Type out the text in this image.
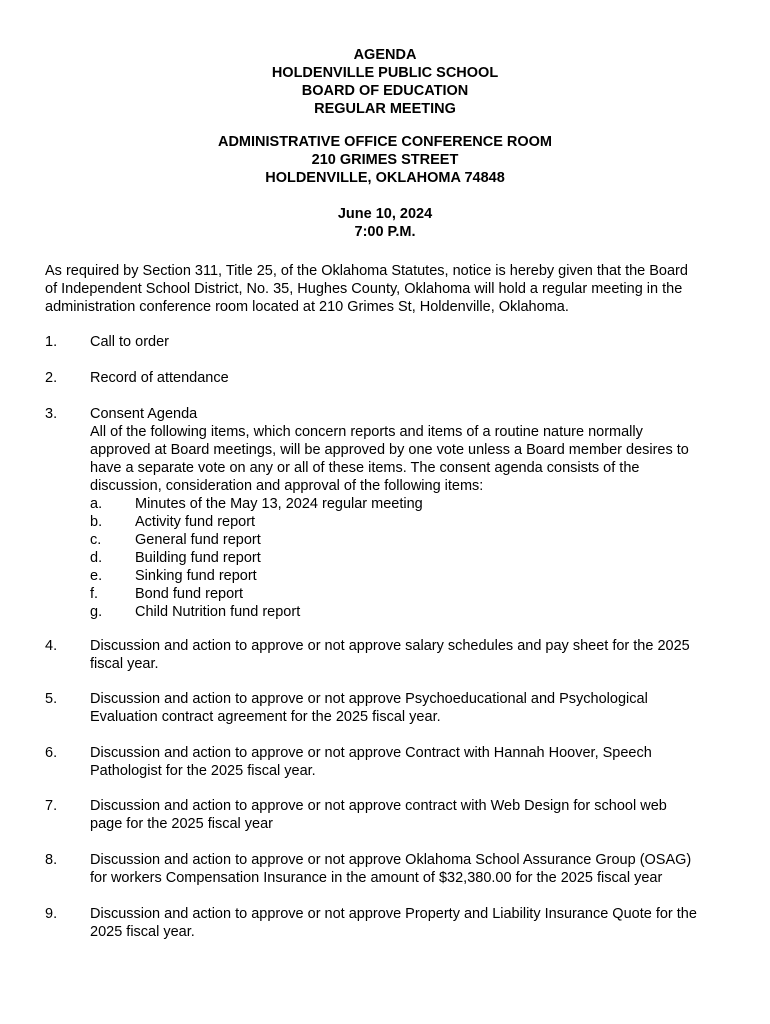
AGENDA
HOLDENVILLE PUBLIC SCHOOL
BOARD OF EDUCATION
REGULAR MEETING
ADMINISTRATIVE OFFICE CONFERENCE ROOM
210 GRIMES STREET
HOLDENVILLE, OKLAHOMA 74848
June 10, 2024
7:00 P.M.
As required by Section 311, Title 25, of the Oklahoma Statutes, notice is hereby given that the Board
of Independent School District, No. 35, Hughes County, Oklahoma will hold a regular meeting in the
administration conference room located at 210 Grimes St, Holdenville, Oklahoma.
1. Call to order
2. Record of attendance
3. Consent Agenda
All of the following items, which concern reports and items of a routine nature normally
approved at Board meetings, will be approved by one vote unless a Board member desires to
have a separate vote on any or all of these items. The consent agenda consists of the
discussion, consideration and approval of the following items:
a. Minutes of the May 13, 2024 regular meeting
b. Activity fund report
c. General fund report
d. Building fund report
e. Sinking fund report
f.	Bond fund report
g. Child Nutrition fund report
4. Discussion and action to approve or not approve salary schedules and pay sheet for the 2025
fiscal year.
5. Discussion and action to approve or not approve Psychoeducational and Psychological
Evaluation contract agreement for the 2025 fiscal year.
6. Discussion and action to approve or not approve Contract with Hannah Hoover, Speech
Pathologist for the 2025 fiscal year.
7. Discussion and action to approve or not approve contract with Web Design for school web
page for the 2025 fiscal year
8. Discussion and action to approve or not approve Oklahoma School Assurance Group (OSAG)
for workers Compensation Insurance in the amount of $32,380.00 for the 2025 fiscal year
9. Discussion and action to approve or not approve Property and Liability Insurance Quote for the
2025 fiscal year.
